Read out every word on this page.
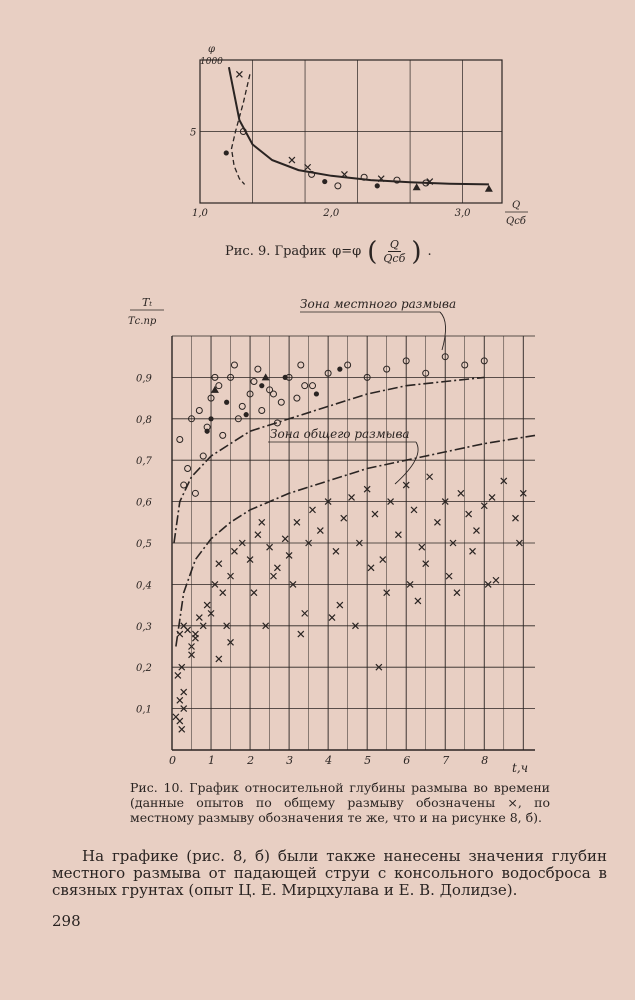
1,0	2,0	3,0
5
φ
1000
Q
Qсб
Рис. 9. График φ=φ ( $\frac{Q}{\text{Qсб}}$ ) .
0	1	2	3	4	5	6	7	8
0,1
0,2
0,3
0,4
0,5
0,6
0,7
0,8
0,9
Tₜ
Tс.пр
t,ч
Зона местного размыва
Зона общего размыва
Рис. 10. График относительной глубины размыва во времени (данные опытов по общему размыву обозначены ×, по местному размыву обозначения те же, что и на рисунке 8, б).

На графике (рис. 8, б) были также нанесены значения глубин местного размыва от падающей струи с консольного водосброса в связных грунтах (опыт Ц. Е. Мирцхулава и Е. В. Долидзе).

298
